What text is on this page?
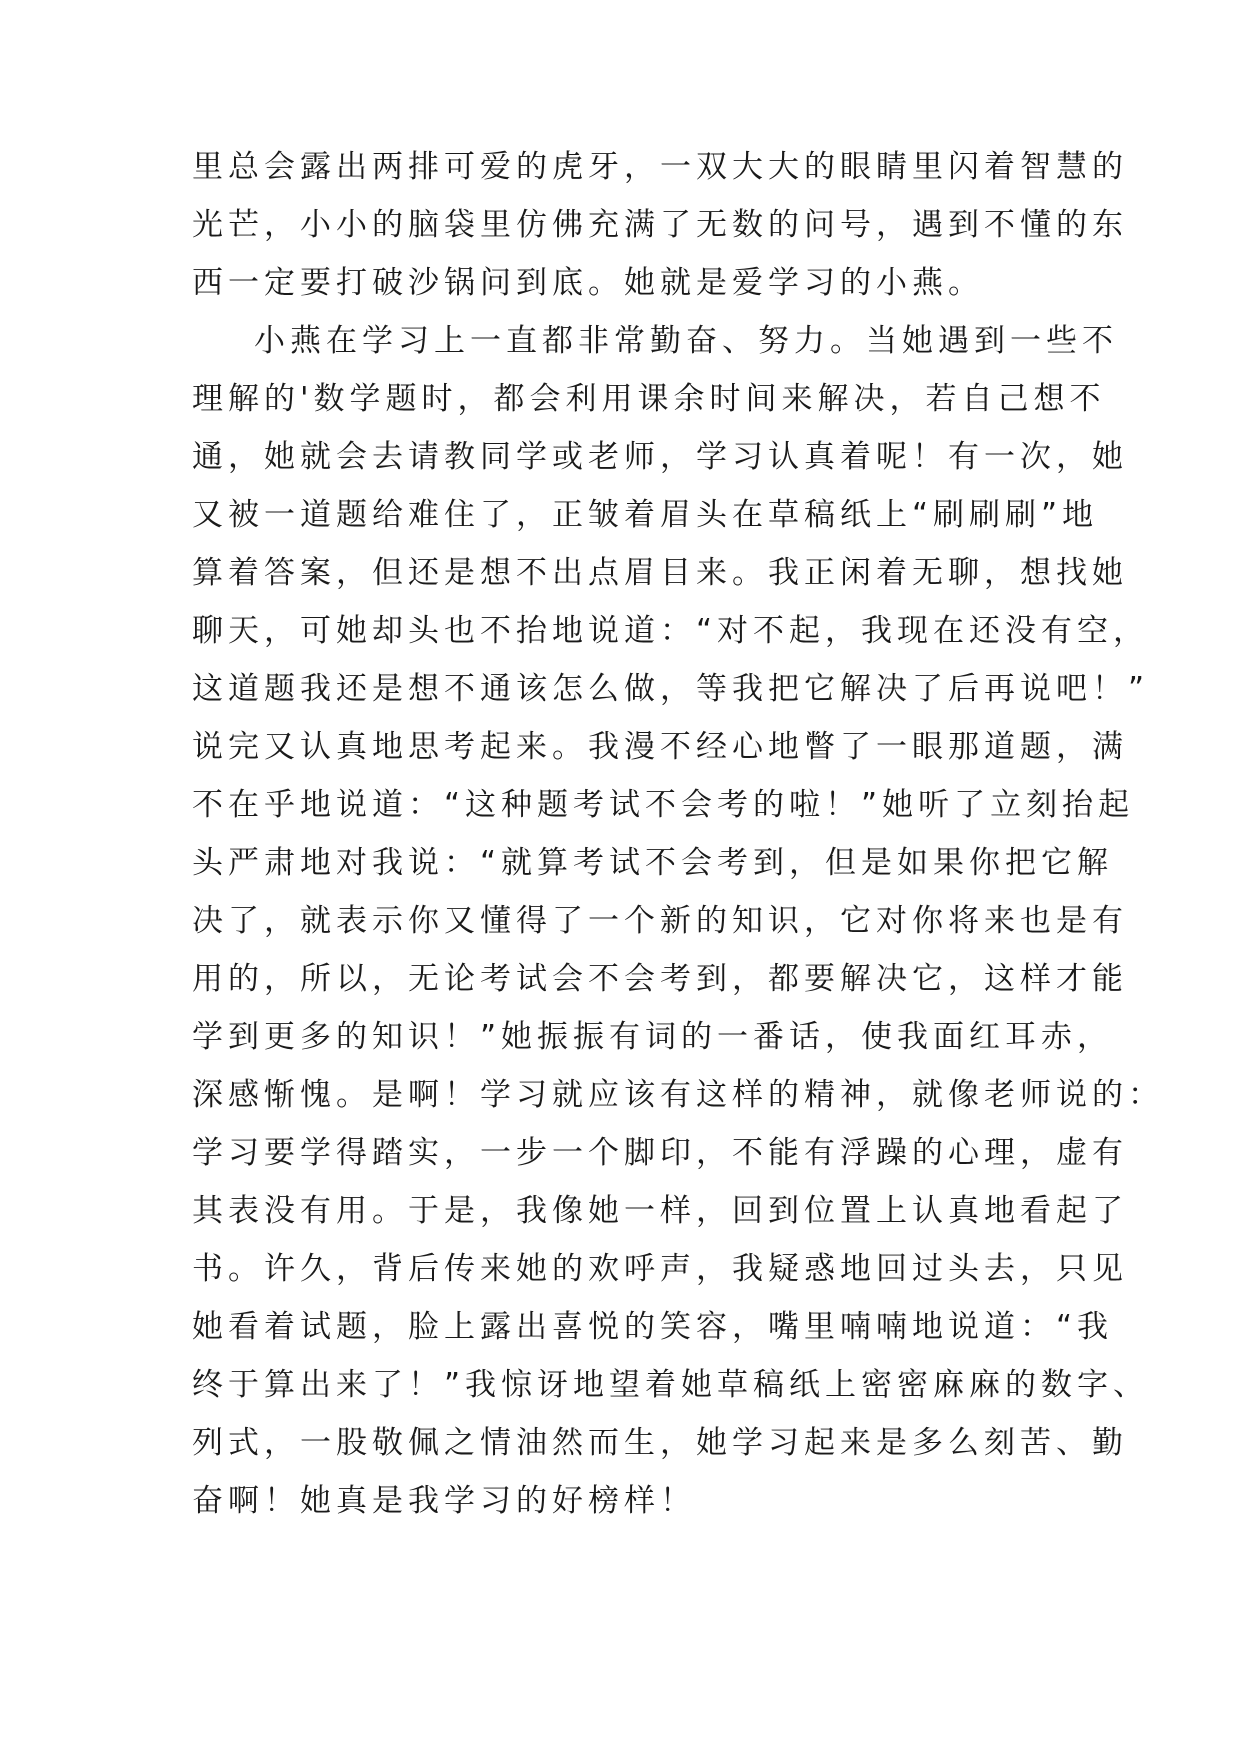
里总会露出两排可爱的虎牙，一双大大的眼睛里闪着智慧的
光芒，小小的脑袋里仿佛充满了无数的问号，遇到不懂的东
西一定要打破沙锅问到底。她就是爱学习的小燕。
小燕在学习上一直都非常勤奋、努力。当她遇到一些不
理解的'数学题时，都会利用课余时间来解决，若自己想不
通，她就会去请教同学或老师，学习认真着呢！有一次，她
又被一道题给难住了，正皱着眉头在草稿纸上“刷刷刷”地
算着答案，但还是想不出点眉目来。我正闲着无聊，想找她
聊天，可她却头也不抬地说道：“对不起，我现在还没有空，
这道题我还是想不通该怎么做，等我把它解决了后再说吧！”
说完又认真地思考起来。我漫不经心地瞥了一眼那道题，满
不在乎地说道：“这种题考试不会考的啦！”她听了立刻抬起
头严肃地对我说：“就算考试不会考到，但是如果你把它解
决了，就表示你又懂得了一个新的知识，它对你将来也是有
用的，所以，无论考试会不会考到，都要解决它，这样才能
学到更多的知识！”她振振有词的一番话，使我面红耳赤，
深感惭愧。是啊！学习就应该有这样的精神，就像老师说的：
学习要学得踏实，一步一个脚印，不能有浮躁的心理，虚有
其表没有用。于是，我像她一样，回到位置上认真地看起了
书。许久，背后传来她的欢呼声，我疑惑地回过头去，只见
她看着试题，脸上露出喜悦的笑容，嘴里喃喃地说道：“我
终于算出来了！”我惊讶地望着她草稿纸上密密麻麻的数字、
列式，一股敬佩之情油然而生，她学习起来是多么刻苦、勤
奋啊！她真是我学习的好榜样！
